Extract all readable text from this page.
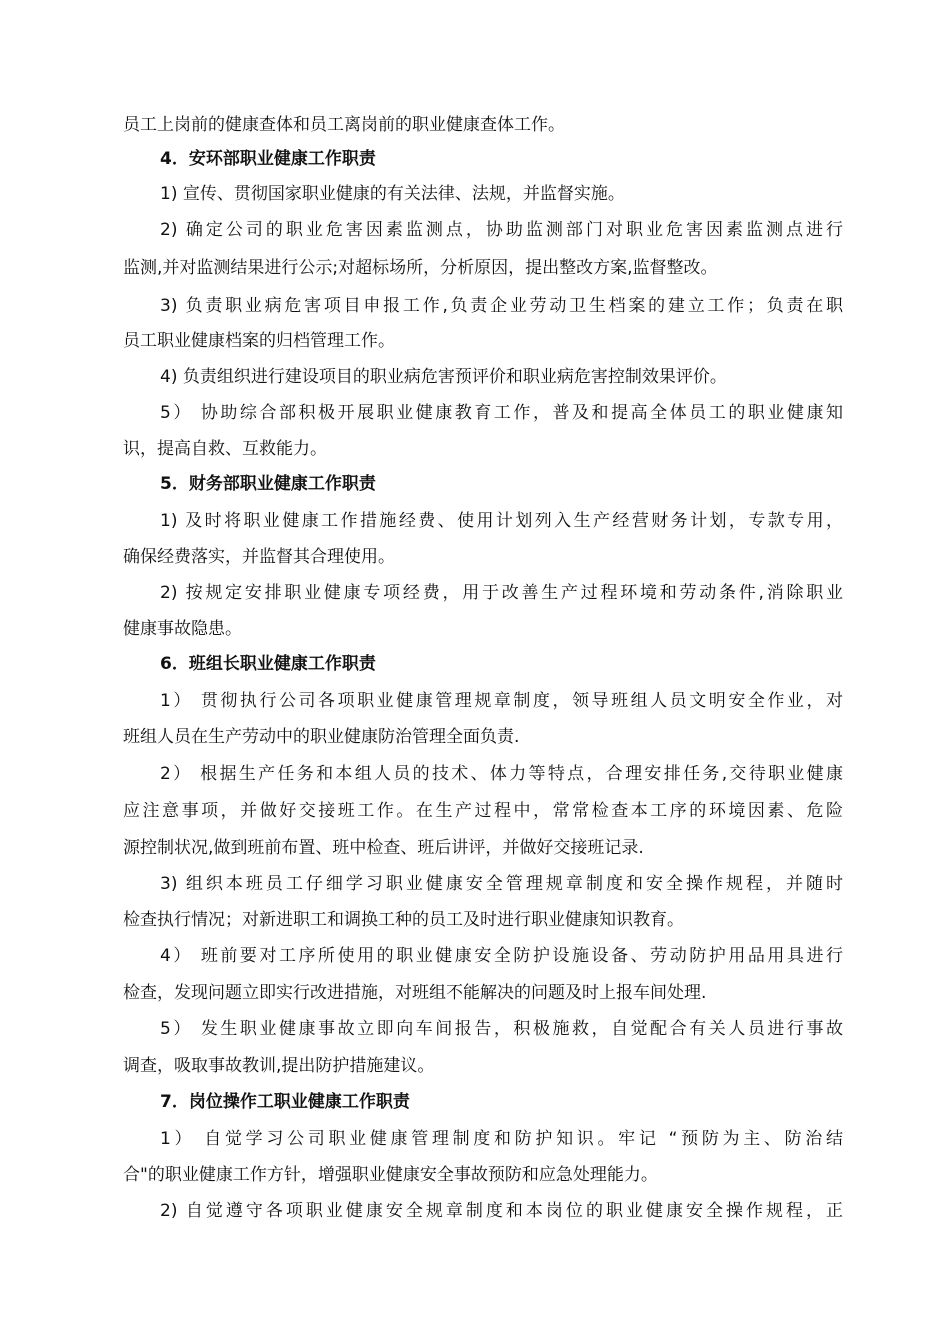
员工上岗前的健康查体和员工离岗前的职业健康查体工作。
4．安环部职业健康工作职责
1) 宣传、贯彻国家职业健康的有关法律、法规，并监督实施。
2) 确定公司的职业危害因素监测点，协助监测部门对职业危害因素监测点进行
监测,并对监测结果进行公示;对超标场所，分析原因，提出整改方案,监督整改。
3) 负责职业病危害项目申报工作,负责企业劳动卫生档案的建立工作；负责在职
员工职业健康档案的归档管理工作。
4) 负责组织进行建设项目的职业病危害预评价和职业病危害控制效果评价。
5） 协助综合部积极开展职业健康教育工作，普及和提高全体员工的职业健康知
识，提高自救、互救能力。
5．财务部职业健康工作职责
1) 及时将职业健康工作措施经费、使用计划列入生产经营财务计划，专款专用，
确保经费落实，并监督其合理使用。
2) 按规定安排职业健康专项经费，用于改善生产过程环境和劳动条件,消除职业
健康事故隐患。
6．班组长职业健康工作职责
1） 贯彻执行公司各项职业健康管理规章制度，领导班组人员文明安全作业，对
班组人员在生产劳动中的职业健康防治管理全面负责.
2） 根据生产任务和本组人员的技术、体力等特点，合理安排任务,交待职业健康
应注意事项，并做好交接班工作。在生产过程中，常常检查本工序的环境因素、危险
源控制状况,做到班前布置、班中检查、班后讲评，并做好交接班记录.
3) 组织本班员工仔细学习职业健康安全管理规章制度和安全操作规程，并随时
检查执行情况；对新进职工和调换工种的员工及时进行职业健康知识教育。
4） 班前要对工序所使用的职业健康安全防护设施设备、劳动防护用品用具进行
检查，发现问题立即实行改进措施，对班组不能解决的问题及时上报车间处理.
5） 发生职业健康事故立即向车间报告，积极施救，自觉配合有关人员进行事故
调查，吸取事故教训,提出防护措施建议。
7．岗位操作工职业健康工作职责
1） 自觉学习公司职业健康管理制度和防护知识。牢记 “预防为主、防治结
合"的职业健康工作方针，增强职业健康安全事故预防和应急处理能力。
2) 自觉遵守各项职业健康安全规章制度和本岗位的职业健康安全操作规程，正
